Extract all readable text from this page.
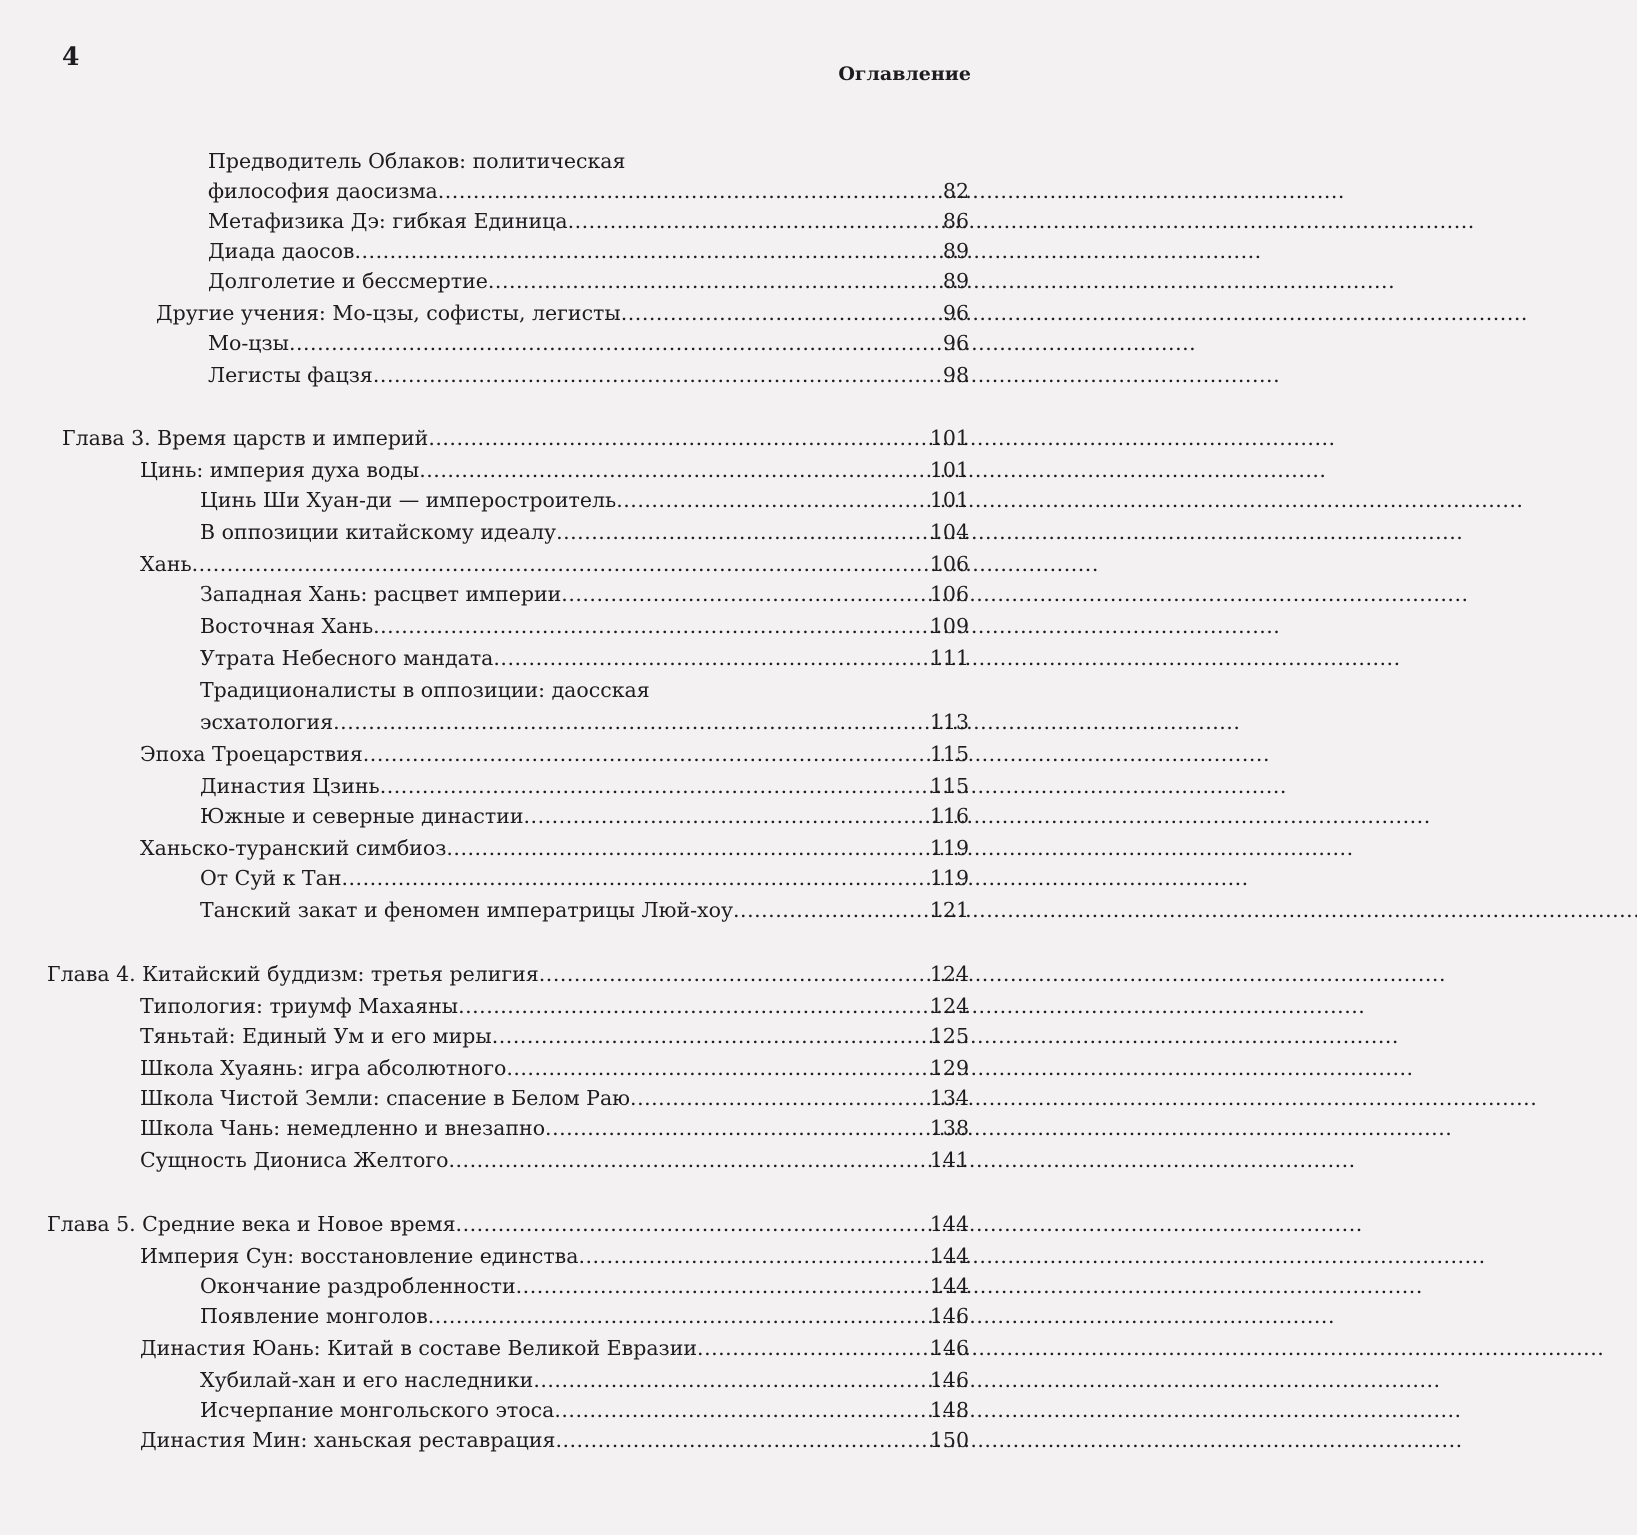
4
Оглавление
Предводитель Облаков: политическая
философия даосизма . . .	82
Метафизика Дэ: гибкая Единица . . .	86
Диада даосов . . .	89
Долголетие и бессмертие . . .	89
Другие учения: Мо-цзы, софисты, легисты . . .	96
Мо-цзы . . .	96
Легисты фацзя . . .	98
Глава 3. Время царств и империй . . .	101
Цинь: империя духа воды . . .	101
Цинь Ши Хуан-ди — имперостроитель . . .	101
В оппозиции китайскому идеалу . . .	104
Хань . . .	106
Западная Хань: расцвет империи . . .	106
Восточная Хань . . .	109
Утрата Небесного мандата . . .	111
Традиционалисты в оппозиции: даосская
эсхатология . . .	113
Эпоха Троецарствия . . .	115
Династия Цзинь . . .	115
Южные и северные династии . . .	116
Ханьско-туранский симбиоз . . .	119
От Суй к Тан . . .	119
Танский закат и феномен императрицы Люй-хоу . . .	121
Глава 4. Китайский буддизм: третья религия . . .	124
Типология: триумф Махаяны . . .	124
Тяньтай: Единый Ум и его миры . . .	125
Школа Хуаянь: игра абсолютного . . .	129
Школа Чистой Земли: спасение в Белом Раю . . .	134
Школа Чань: немедленно и внезапно . . .	138
Сущность Диониса Желтого . . .	141
Глава 5. Средние века и Новое время . . .	144
Империя Сун: восстановление единства . . .	144
Окончание раздробленности . . .	144
Появление монголов . . .	146
Династия Юань: Китай в составе Великой Евразии . . .	146
Хубилай-хан и его наследники . . .	146
Исчерпание монгольского этоса . . .	148
Династия Мин: ханьская реставрация . . .	150
